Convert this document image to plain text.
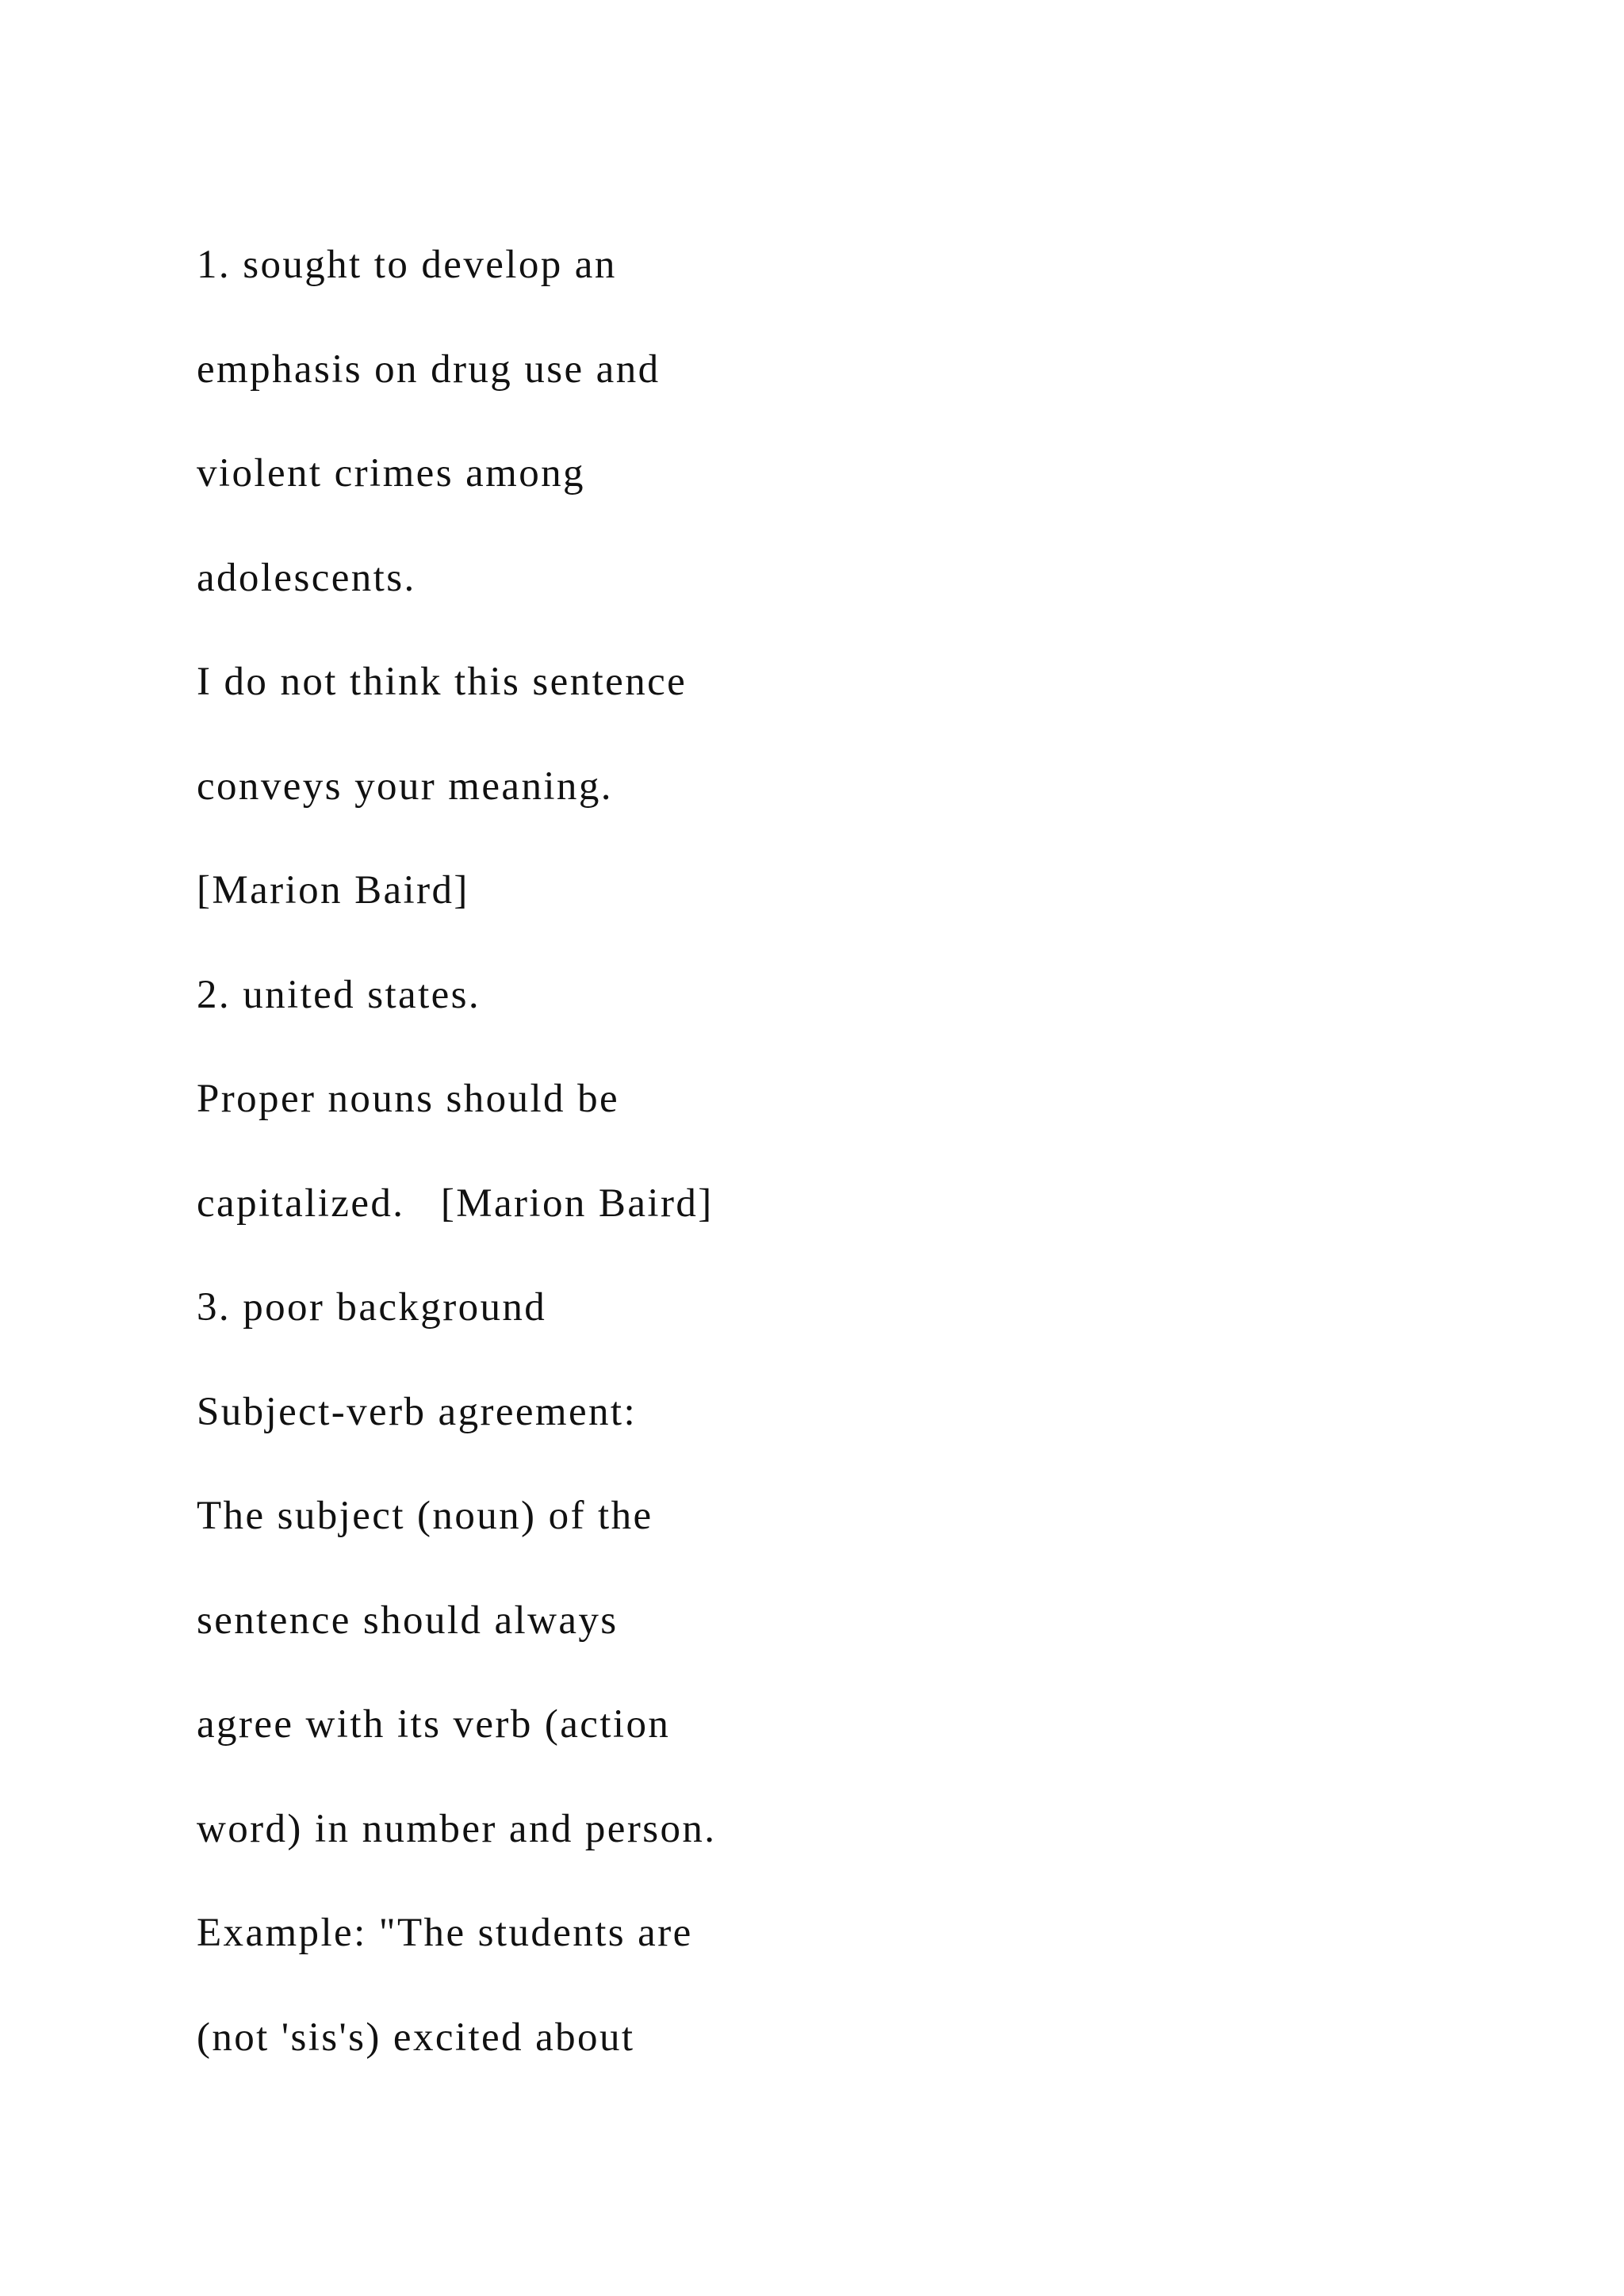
1. sought to develop an
emphasis on drug use and
violent crimes among
adolescents.
I do not think this sentence
conveys your meaning.
[Marion Baird]
2. united states.
Proper nouns should be
capitalized.   [Marion Baird]
3. poor background
Subject-verb agreement:
The subject (noun) of the
sentence should always
agree with its verb (action
word) in number and person.
Example: "The students are
(not 'sis's) excited about
